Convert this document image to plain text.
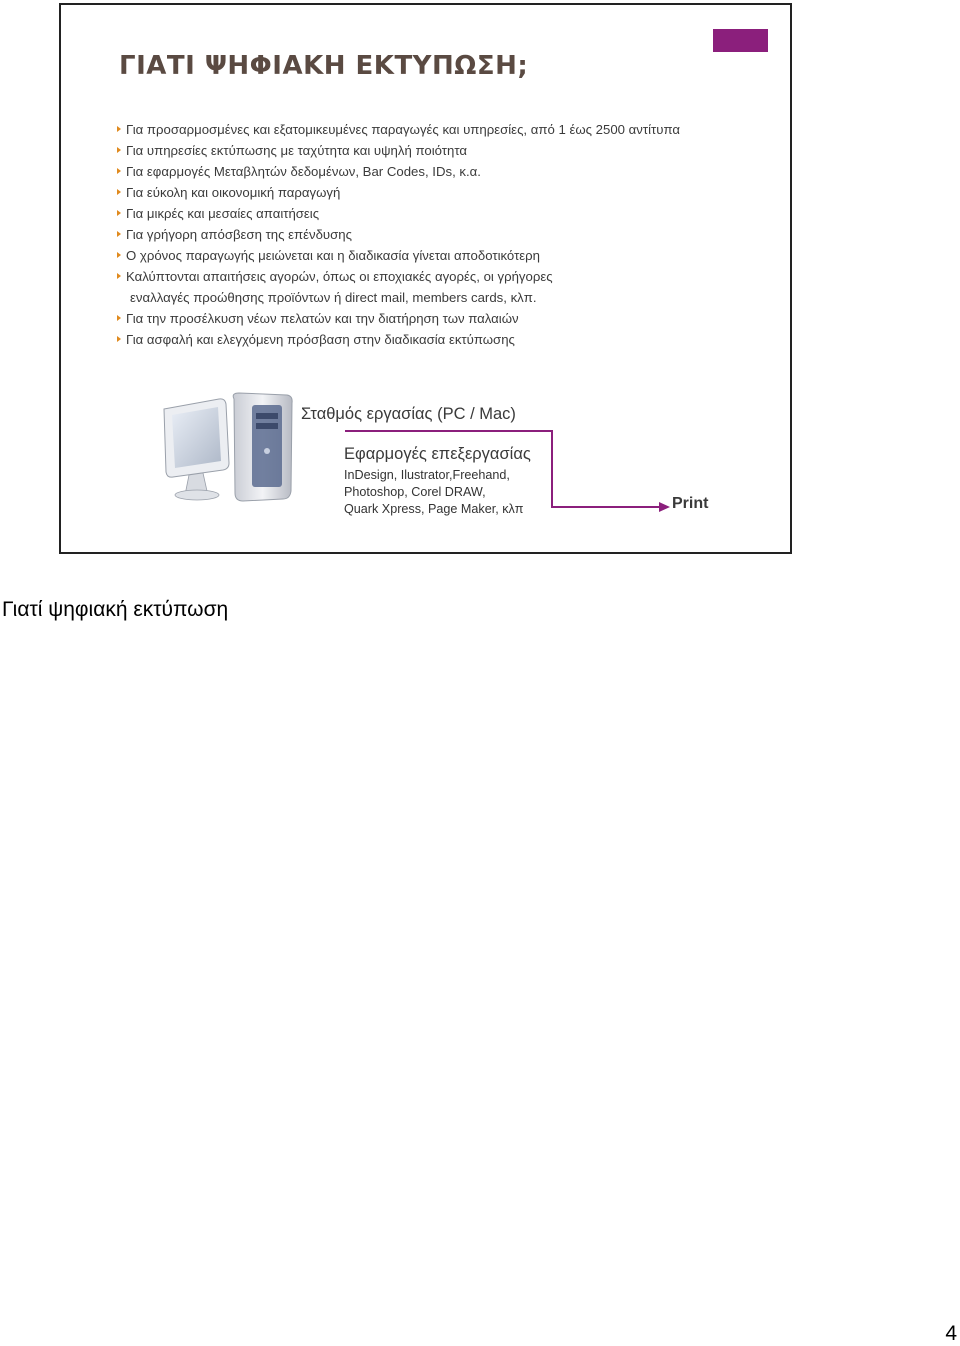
ΓΙΑΤΙ ΨΗΦΙΑΚΗ ΕΚΤΥΠΩΣΗ;
Για προσαρμοσμένες και εξατομικευμένες παραγωγές και υπηρεσίες, από 1 έως 2500 αντίτυπα
Για υπηρεσίες εκτύπωσης με ταχύτητα και υψηλή ποιότητα
Για εφαρμογές Μεταβλητών δεδομένων, Bar Codes, IDs, κ.α.
Για εύκολη και οικονομική παραγωγή
Για μικρές και μεσαίες απαιτήσεις
Για γρήγορη απόσβεση της επένδυσης
Ο χρόνος παραγωγής μειώνεται και η διαδικασία γίνεται αποδοτικότερη
Καλύπτονται απαιτήσεις αγορών, όπως οι εποχιακές αγορές, οι γρήγορες
εναλλαγές προώθησης προϊόντων ή direct mail, members cards, κλπ.
Για την προσέλκυση νέων πελατών και την διατήρηση των παλαιών
Για ασφαλή και ελεγχόμενη πρόσβαση στην διαδικασία εκτύπωσης
Σταθμός εργασίας (PC / Mac)
Εφαρμογές επεξεργασίας
InDesign, Ilustrator,Freehand,
Photoshop, Corel DRAW,
Quark Xpress, Page Maker, κλπ	Print
Γιατί ψηφιακή εκτύπωση
4
